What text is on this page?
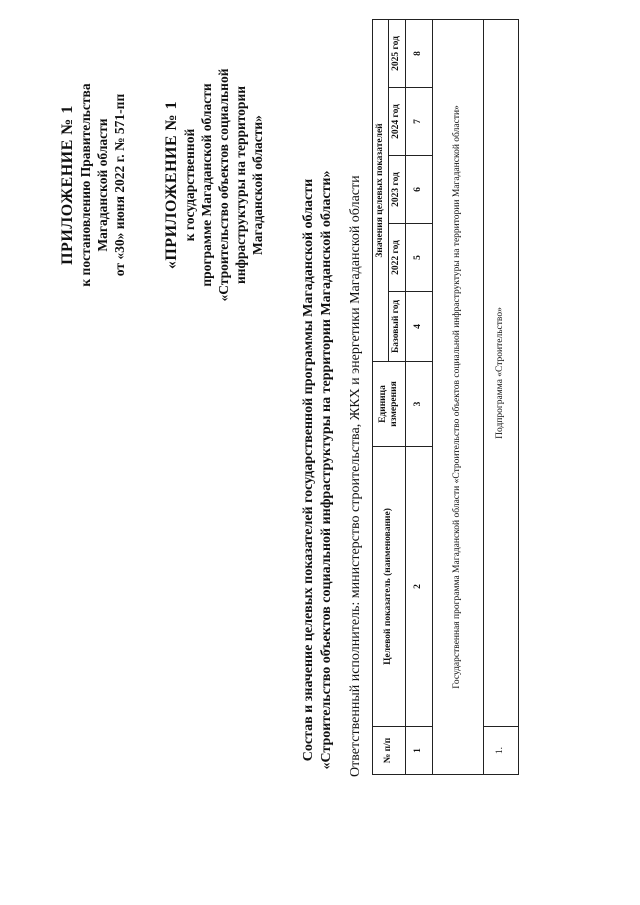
ПРИЛОЖЕНИЕ № 1 к постановлению Правительства Магаданской области от «30» июня 2022 г. № 571-пп «ПРИЛОЖЕНИЕ № 1 к государственной программе Магаданской области «Строительство объектов социальной инфраструктуры на территории Магаданской области»	Состав и значение целевых показателей государственной программы Магаданской области «Строительство объектов социальной инфраструктуры на территории Магаданской области» Ответственный исполнитель: министерство строительства, ЖКХ и энергетики Магаданской области № п/п	Целевой показатель (наименование)	Единица измерения	Значения целевых показателей				
			Базовый год	2022 год	2023 год	2024 год	2025 год
1	2	3	4	5	6	7	8
Государственная программа Магаданской области «Строительство объектов социальной инфраструктуры на территории Магаданской области»							
1.	Подпрограмма «Строительство»						
